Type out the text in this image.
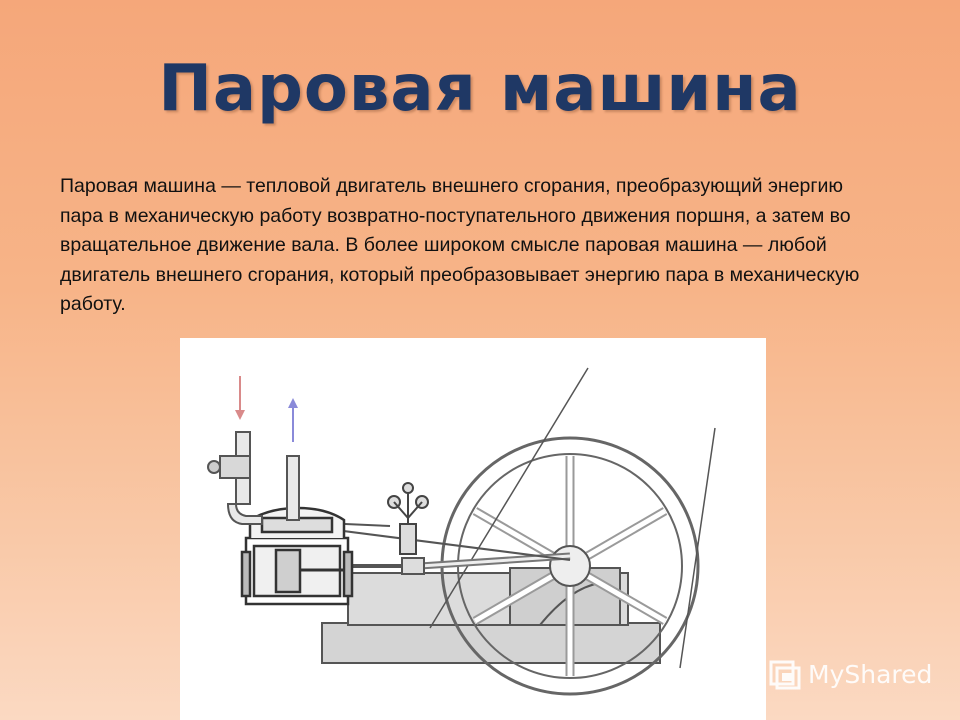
Паровая машина
Паровая машина — тепловой двигатель внешнего сгорания, преобразующий энергию пара в механическую работу возвратно-поступательного движения поршня, а затем во вращательное движение вала. В более широком смысле паровая машина — любой двигатель внешнего сгорания, который преобразовывает энергию пара в механическую работу.
MyShared
